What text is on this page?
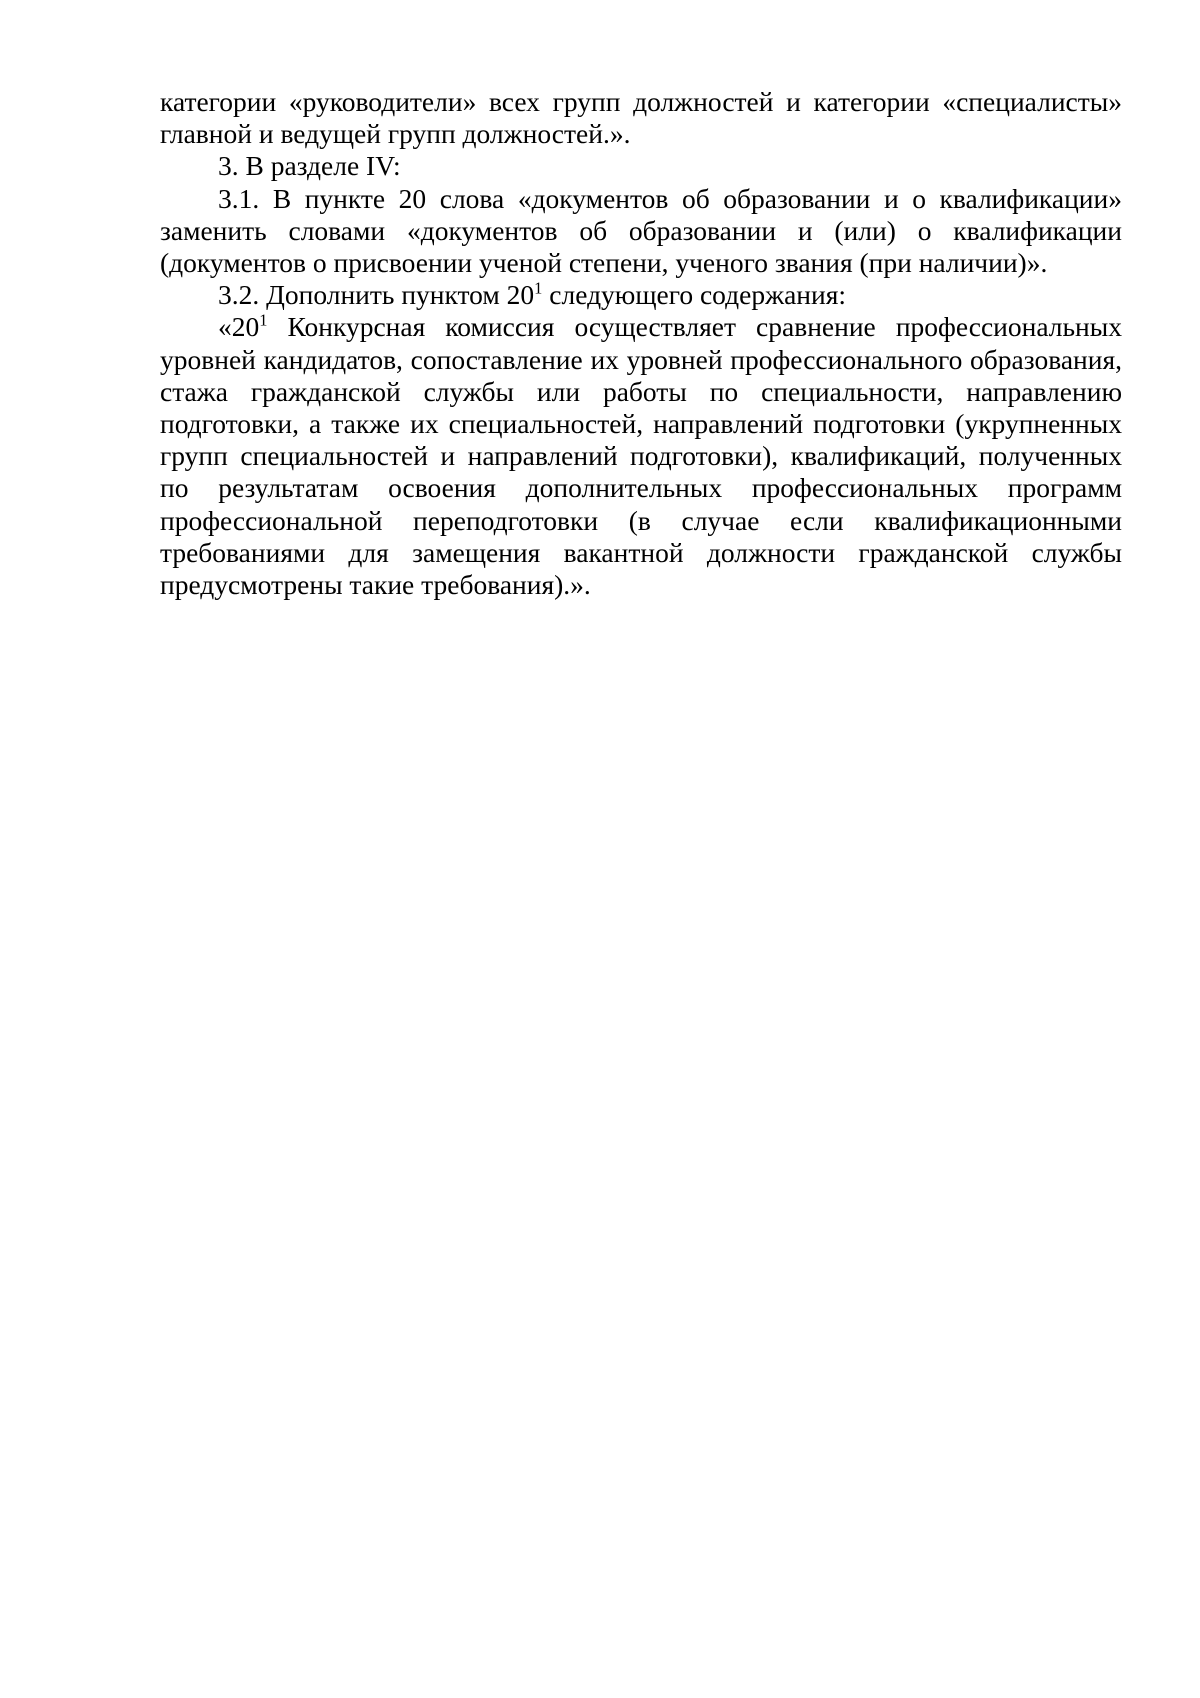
категории «руководители» всех групп должностей и категории «специалисты» главной и ведущей групп должностей.».

3. В разделе IV:

3.1. В пункте 20 слова «документов об образовании и о квалификации» заменить словами «документов об образовании и (или) о квалификации (документов о присвоении ученой степени, ученого звания (при наличии)».

3.2. Дополнить пунктом $20^1$ следующего содержания:

«$20^1$ Конкурсная комиссия осуществляет сравнение профессиональных уровней кандидатов, сопоставление их уровней профессионального образования, стажа гражданской службы или работы по специальности, направлению подготовки, а также их специальностей, направлений подготовки (укрупненных групп специальностей и направлений подготовки), квалификаций, полученных по результатам освоения дополнительных профессиональных программ профессиональной переподготовки (в случае если квалификационными требованиями для замещения вакантной должности гражданской службы предусмотрены такие требования).».
